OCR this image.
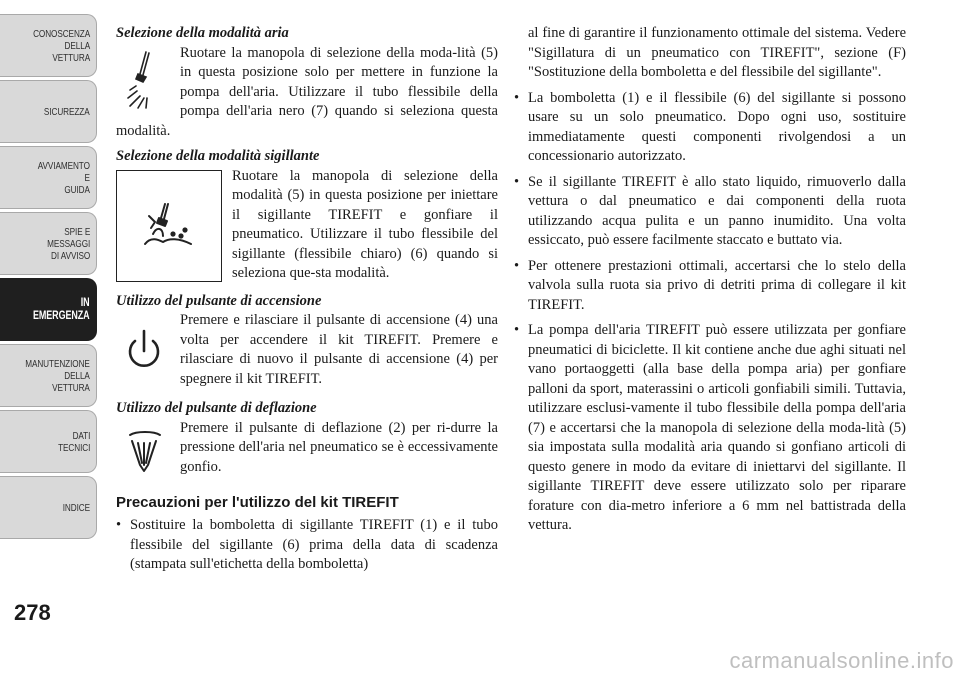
CONOSCENZA
DELLA
VETTURA
SICUREZZA
AVVIAMENTO
E
GUIDA
SPIE E
MESSAGGI
DI AVVISO
IN
EMERGENZA
MANUTENZIONE
DELLA
VETTURA
DATI
TECNICI
INDICE
278

Selezione della modalità aria

Ruotare la manopola di selezione della moda-lità (5) in questa posizione solo per mettere in funzione la pompa dell'aria. Utilizzare il tubo flessibile della pompa dell'aria nero (7) quando si seleziona questa modalità.

Selezione della modalità sigillante

Ruotare la manopola di selezione della modalità (5) in questa posizione per iniettare il sigillante TIREFIT e gonfiare il pneumatico. Utilizzare il tubo flessibile del sigillante (flessibile chiaro) (6) quando si seleziona que-sta modalità.

Utilizzo del pulsante di accensione

Premere e rilasciare il pulsante di accensione (4) una volta per accendere il kit TIREFIT. Premere e rilasciare di nuovo il pulsante di accensione (4) per spegnere il kit TIREFIT.

Utilizzo del pulsante di deflazione

Premere il pulsante di deflazione (2) per ri-durre la pressione dell'aria nel pneumatico se è eccessivamente gonfio.

Precauzioni per l'utilizzo del kit TIREFIT

• Sostituire la bomboletta di sigillante TIREFIT (1) e il tubo flessibile del sigillante (6) prima della data di scadenza (stampata sull'etichetta della bomboletta)

al fine di garantire il funzionamento ottimale del sistema. Vedere "Sigillatura di un pneumatico con TIREFIT", sezione (F) "Sostituzione della bomboletta e del flessibile del sigillante".

• La bomboletta (1) e il flessibile (6) del sigillante si possono usare su un solo pneumatico. Dopo ogni uso, sostituire immediatamente questi componenti rivolgendosi a un concessionario autorizzato.
• Se il sigillante TIREFIT è allo stato liquido, rimuoverlo dalla vettura o dal pneumatico e dai componenti della ruota utilizzando acqua pulita e un panno inumidito. Una volta essiccato, può essere facilmente staccato e buttato via.
• Per ottenere prestazioni ottimali, accertarsi che lo stelo della valvola sulla ruota sia privo di detriti prima di collegare il kit TIREFIT.
• La pompa dell'aria TIREFIT può essere utilizzata per gonfiare pneumatici di biciclette. Il kit contiene anche due aghi situati nel vano portaoggetti (alla base della pompa aria) per gonfiare palloni da sport, materassini o articoli gonfiabili simili. Tuttavia, utilizzare esclusi-vamente il tubo flessibile della pompa dell'aria (7) e accertarsi che la manopola di selezione della moda-lità (5) sia impostata sulla modalità aria quando si gonfiano articoli di questo genere in modo da evitare di iniettarvi del sigillante. Il sigillante TIREFIT deve essere utilizzato solo per riparare forature con dia-metro inferiore a 6 mm nel battistrada della vettura.
carmanualsonline.info
